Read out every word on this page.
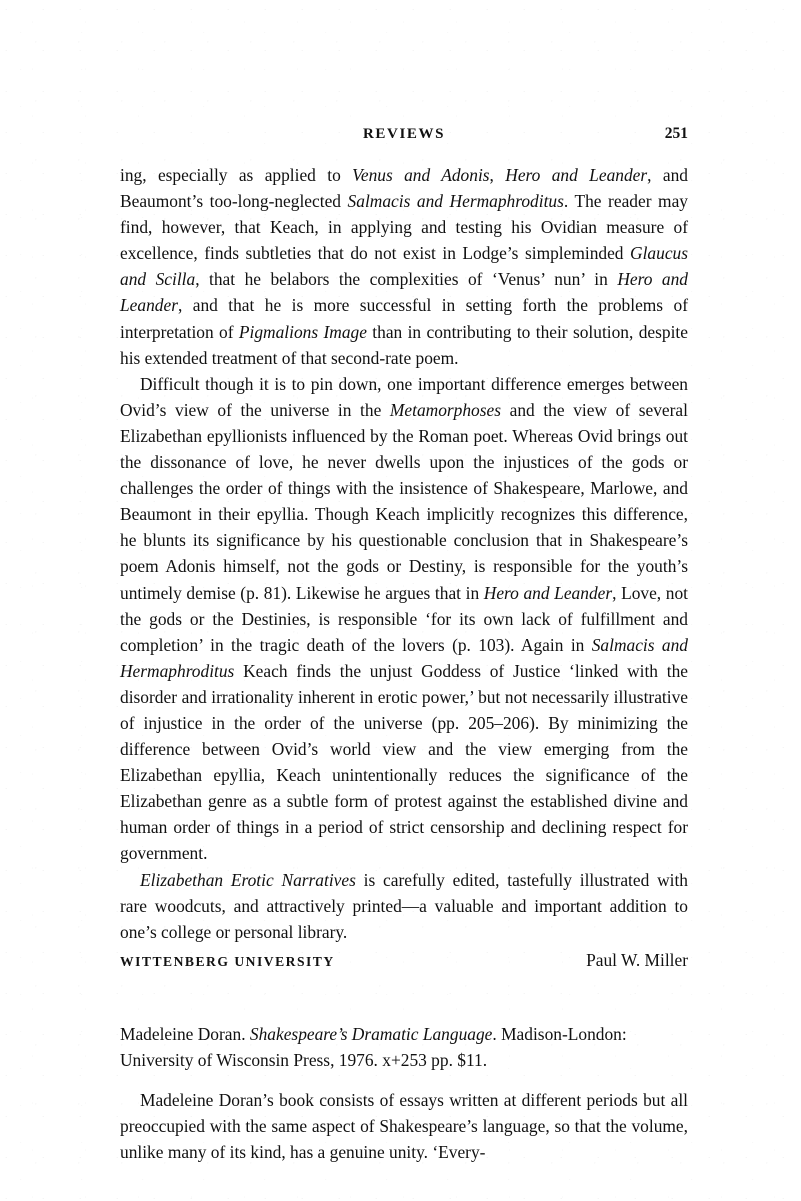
REVIEWS	251

ing, especially as applied to Venus and Adonis, Hero and Leander, and Beaumont’s too-long-neglected Salmacis and Hermaphroditus. The reader may find, however, that Keach, in applying and testing his Ovidian measure of excellence, finds subtleties that do not exist in Lodge’s simpleminded Glaucus and Scilla, that he belabors the complexities of ‘Venus’ nun’ in Hero and Leander, and that he is more successful in setting forth the problems of interpretation of Pigmalions Image than in contributing to their solution, despite his extended treatment of that second-rate poem.

Difficult though it is to pin down, one important difference emerges between Ovid’s view of the universe in the Metamorphoses and the view of several Elizabethan epyllionists influenced by the Roman poet. Whereas Ovid brings out the dissonance of love, he never dwells upon the injustices of the gods or challenges the order of things with the insistence of Shakespeare, Marlowe, and Beaumont in their epyllia. Though Keach implicitly recognizes this difference, he blunts its significance by his questionable conclusion that in Shakespeare’s poem Adonis himself, not the gods or Destiny, is responsible for the youth’s untimely demise (p. 81). Likewise he argues that in Hero and Leander, Love, not the gods or the Destinies, is responsible ‘for its own lack of fulfillment and completion’ in the tragic death of the lovers (p. 103). Again in Salmacis and Hermaphroditus Keach finds the unjust Goddess of Justice ‘linked with the disorder and irrationality inherent in erotic power,’ but not necessarily illustrative of injustice in the order of the universe (pp. 205–206). By minimizing the difference between Ovid’s world view and the view emerging from the Elizabethan epyllia, Keach unintentionally reduces the significance of the Elizabethan genre as a subtle form of protest against the established divine and human order of things in a period of strict censorship and declining respect for government.

Elizabethan Erotic Narratives is carefully edited, tastefully illustrated with rare woodcuts, and attractively printed—a valuable and important addition to one’s college or personal library.

WITTENBERG UNIVERSITY	Paul W. Miller

Madeleine Doran. Shakespeare’s Dramatic Language. Madison-London: University of Wisconsin Press, 1976. x+253 pp. $11.

Madeleine Doran’s book consists of essays written at different periods but all preoccupied with the same aspect of Shakespeare’s language, so that the volume, unlike many of its kind, has a genuine unity. ‘Every-
